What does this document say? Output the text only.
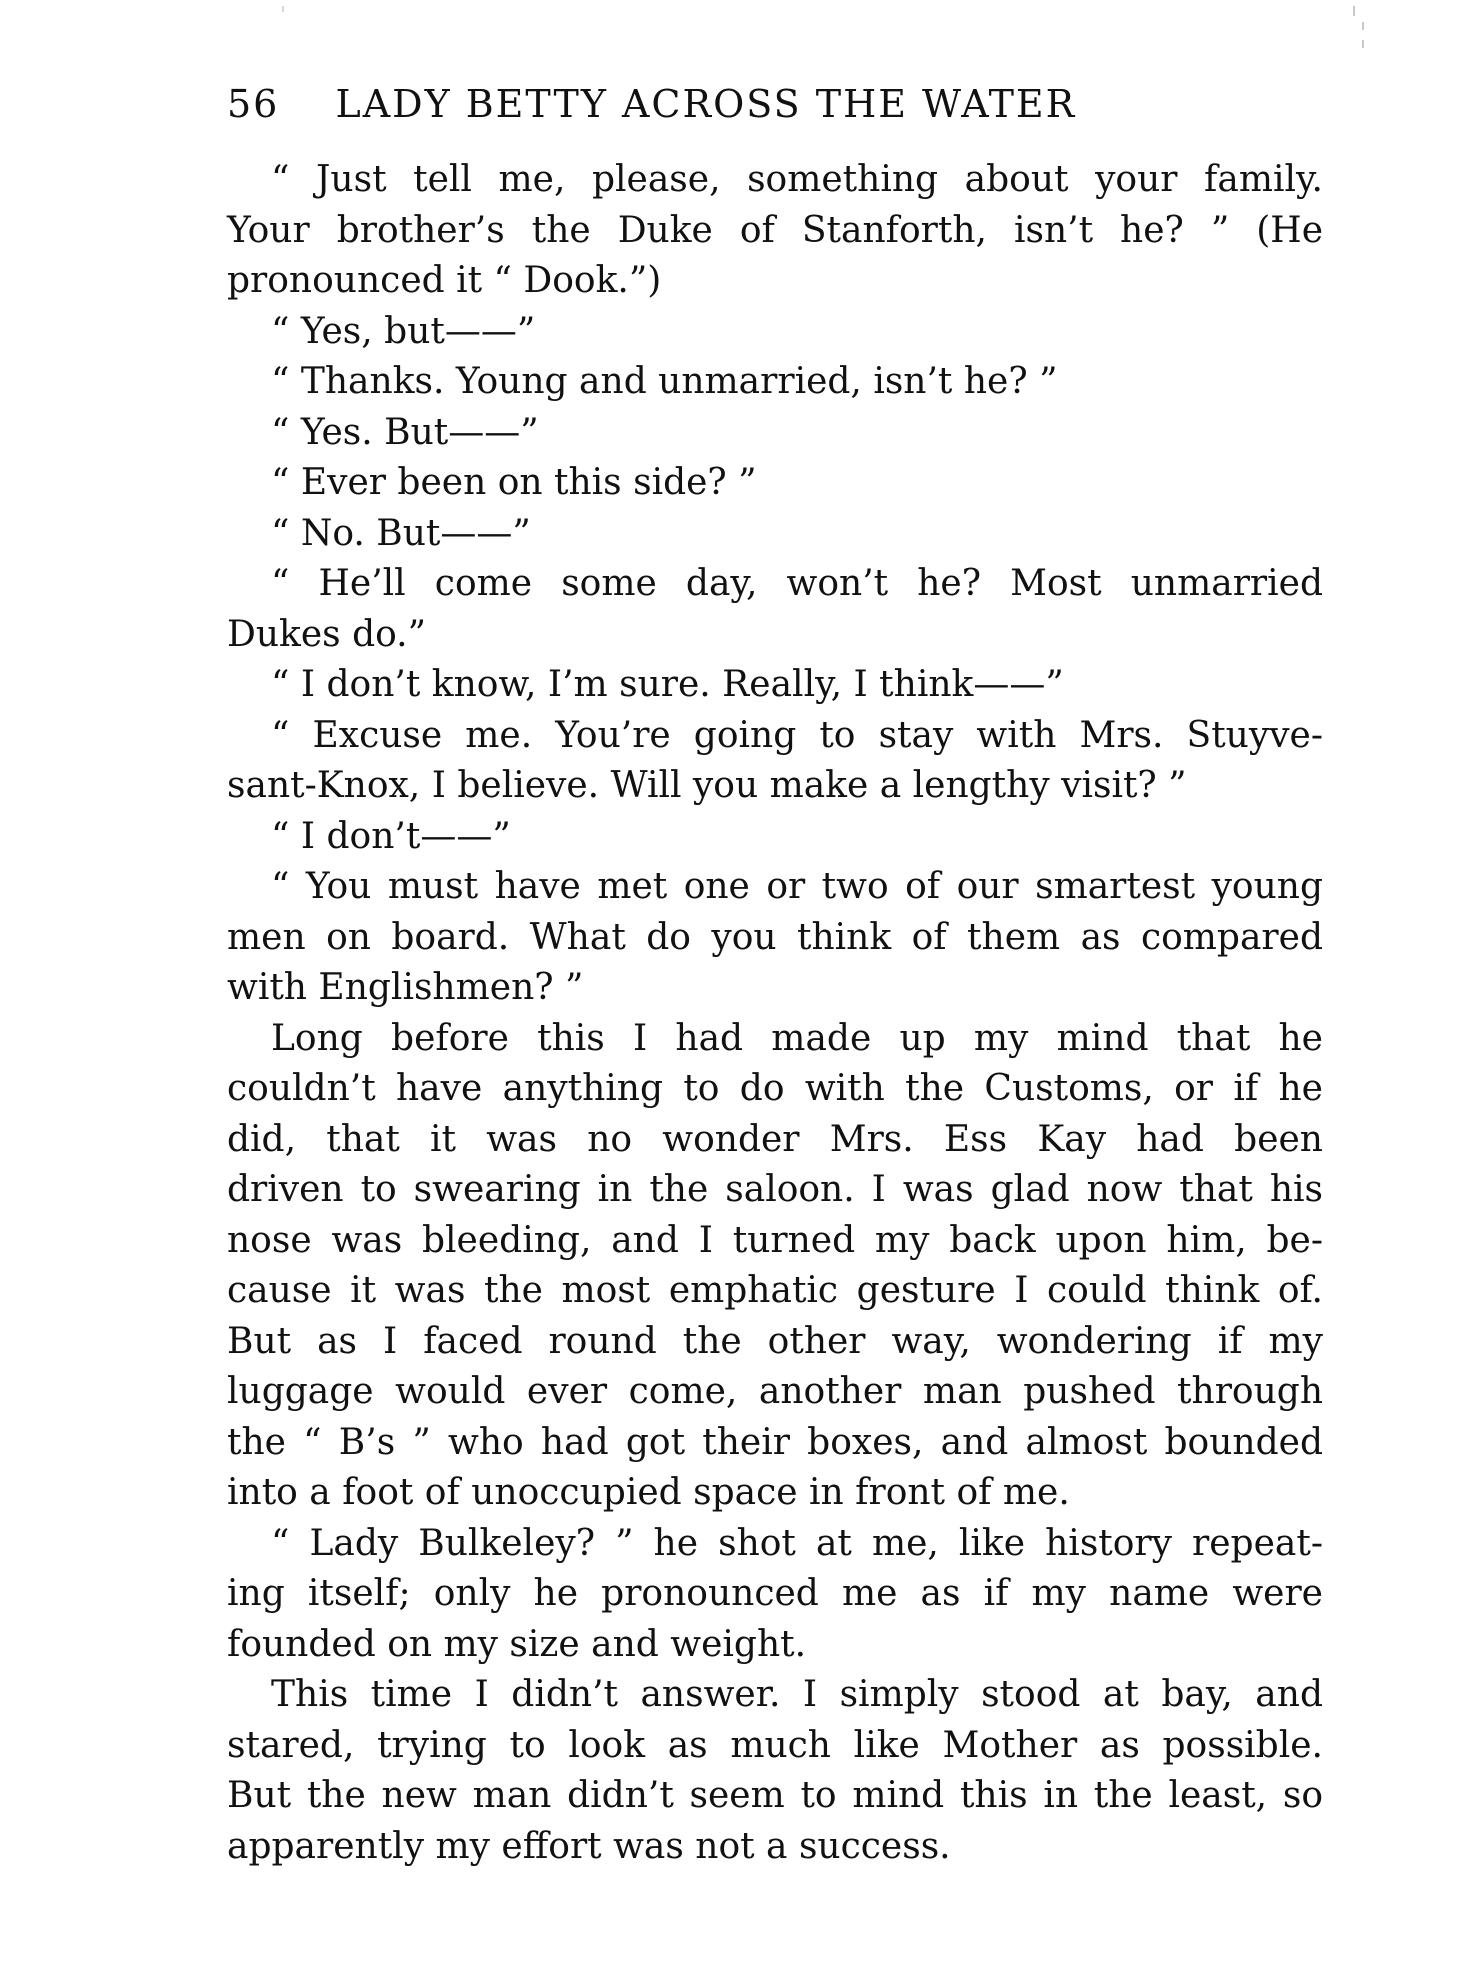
56 LADY BETTY ACROSS THE WATER
“ Just tell me, please, something about your family.
Your brother’s the Duke of Stanforth, isn’t he? ” (He
pronounced it “ Dook.”)
“ Yes, but——”
“ Thanks. Young and unmarried, isn’t he? ”
“ Yes. But——”
“ Ever been on this side? ”
“ No. But——”
“ He’ll come some day, won’t he? Most unmarried
Dukes do.”
“ I don’t know, I’m sure. Really, I think——”
“ Excuse me. You’re going to stay with Mrs. Stuyve-
sant-Knox, I believe. Will you make a lengthy visit? ”
“ I don’t——”
“ You must have met one or two of our smartest young
men on board. What do you think of them as compared
with Englishmen? ”
Long before this I had made up my mind that he
couldn’t have anything to do with the Customs, or if he
did, that it was no wonder Mrs. Ess Kay had been
driven to swearing in the saloon. I was glad now that his
nose was bleeding, and I turned my back upon him, be-
cause it was the most emphatic gesture I could think of.
But as I faced round the other way, wondering if my
luggage would ever come, another man pushed through
the “ B’s ” who had got their boxes, and almost bounded
into a foot of unoccupied space in front of me.
“ Lady Bulkeley? ” he shot at me, like history repeat-
ing itself; only he pronounced me as if my name were
founded on my size and weight.
This time I didn’t answer. I simply stood at bay, and
stared, trying to look as much like Mother as possible.
But the new man didn’t seem to mind this in the least, so
apparently my effort was not a success.
